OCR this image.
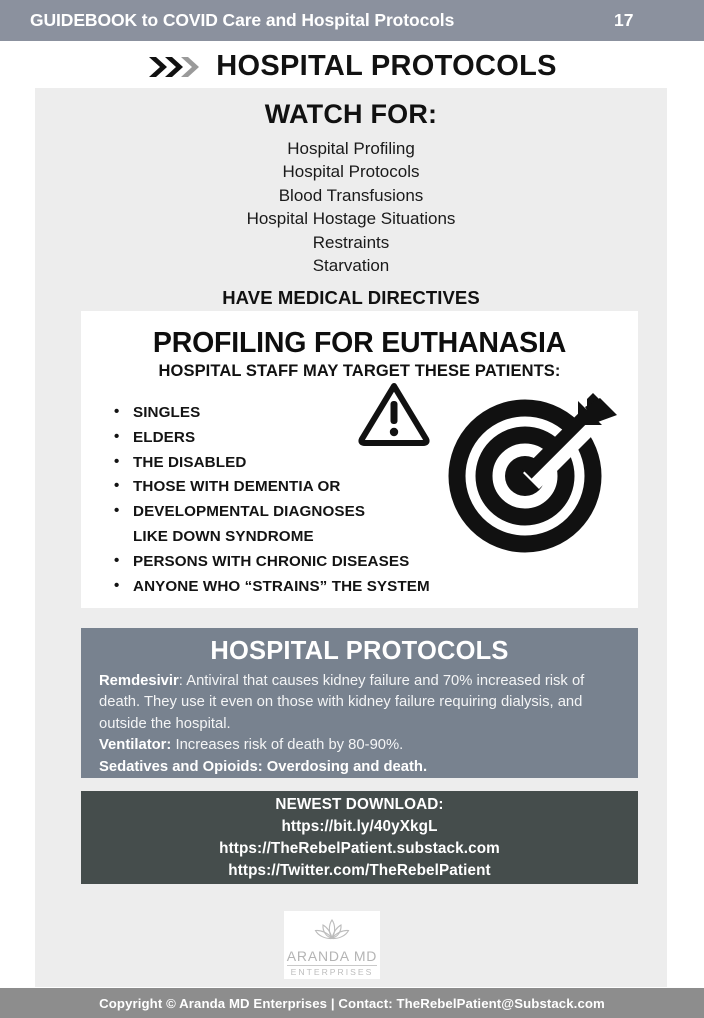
GUIDEBOOK to COVID Care and Hospital Protocols	17
HOSPITAL PROTOCOLS
WATCH FOR:
Hospital Profiling
Hospital Protocols
Blood Transfusions
Hospital Hostage Situations
Restraints
Starvation
HAVE MEDICAL DIRECTIVES
PROFILING FOR EUTHANASIA
HOSPITAL STAFF MAY TARGET THESE PATIENTS:
• SINGLES
• ELDERS
• THE DISABLED
• THOSE WITH DEMENTIA OR
• DEVELOPMENTAL DIAGNOSES
LIKE DOWN SYNDROME
• PERSONS WITH CHRONIC DISEASES
• ANYONE WHO “STRAINS” THE SYSTEM
HOSPITAL PROTOCOLS
Remdesivir: Antiviral that causes kidney failure and 70% increased risk of death. They use it even on those with kidney failure requiring dialysis, and outside the hospital.
Ventilator: Increases risk of death by 80-90%.
Sedatives and Opioids: Overdosing and death.
NEWEST DOWNLOAD:
https://bit.ly/40yXkgL
https://TheRebelPatient.substack.com
https://Twitter.com/TheRebelPatient
ARANDA MD
ENTERPRISES
Copyright © Aranda MD Enterprises | Contact: TheRebelPatient@Substack.com
